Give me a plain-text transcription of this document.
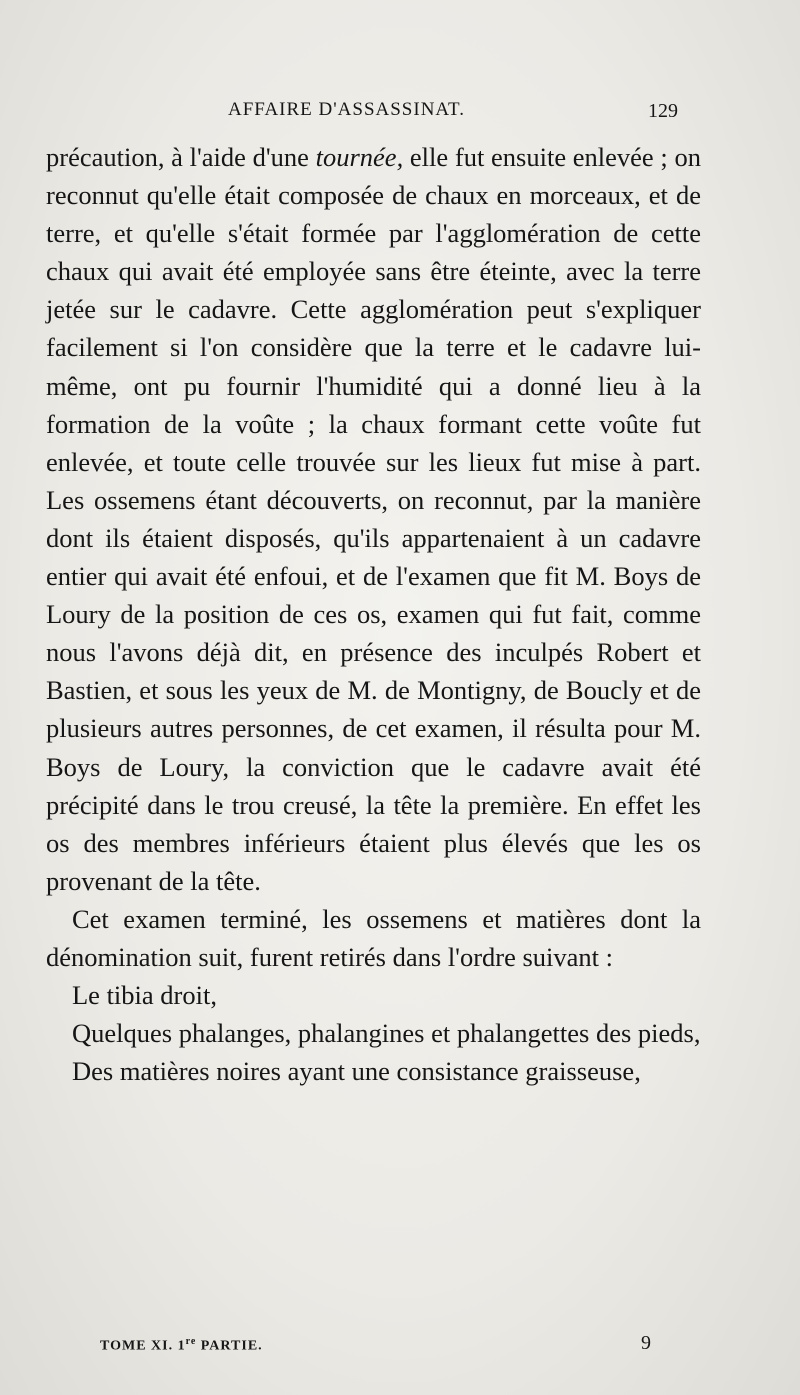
AFFAIRE D'ASSASSINAT.	129

précaution, à l'aide d'une tournée, elle fut ensuite enlevée ; on reconnut qu'elle était composée de chaux en morceaux, et de terre, et qu'elle s'était formée par l'agglomération de cette chaux qui avait été employée sans être éteinte, avec la terre jetée sur le cadavre. Cette agglomération peut s'expliquer facilement si l'on considère que la terre et le cadavre lui-même, ont pu fournir l'humidité qui a donné lieu à la formation de la voûte ; la chaux formant cette voûte fut enlevée, et toute celle trouvée sur les lieux fut mise à part. Les ossemens étant découverts, on reconnut, par la manière dont ils étaient disposés, qu'ils appartenaient à un cadavre entier qui avait été enfoui, et de l'examen que fit M. Boys de Loury de la position de ces os, examen qui fut fait, comme nous l'avons déjà dit, en présence des inculpés Robert et Bastien, et sous les yeux de M. de Montigny, de Boucly et de plusieurs autres personnes, de cet examen, il résulta pour M. Boys de Loury, la conviction que le cadavre avait été précipité dans le trou creusé, la tête la première. En effet les os des membres inférieurs étaient plus élevés que les os provenant de la tête.

Cet examen terminé, les ossemens et matières dont la dénomination suit, furent retirés dans l'ordre suivant :

Le tibia droit,

Quelques phalanges, phalangines et phalangettes des pieds,

Des matières noires ayant une consistance graisseuse,

TOME XI. 1re PARTIE.	9
